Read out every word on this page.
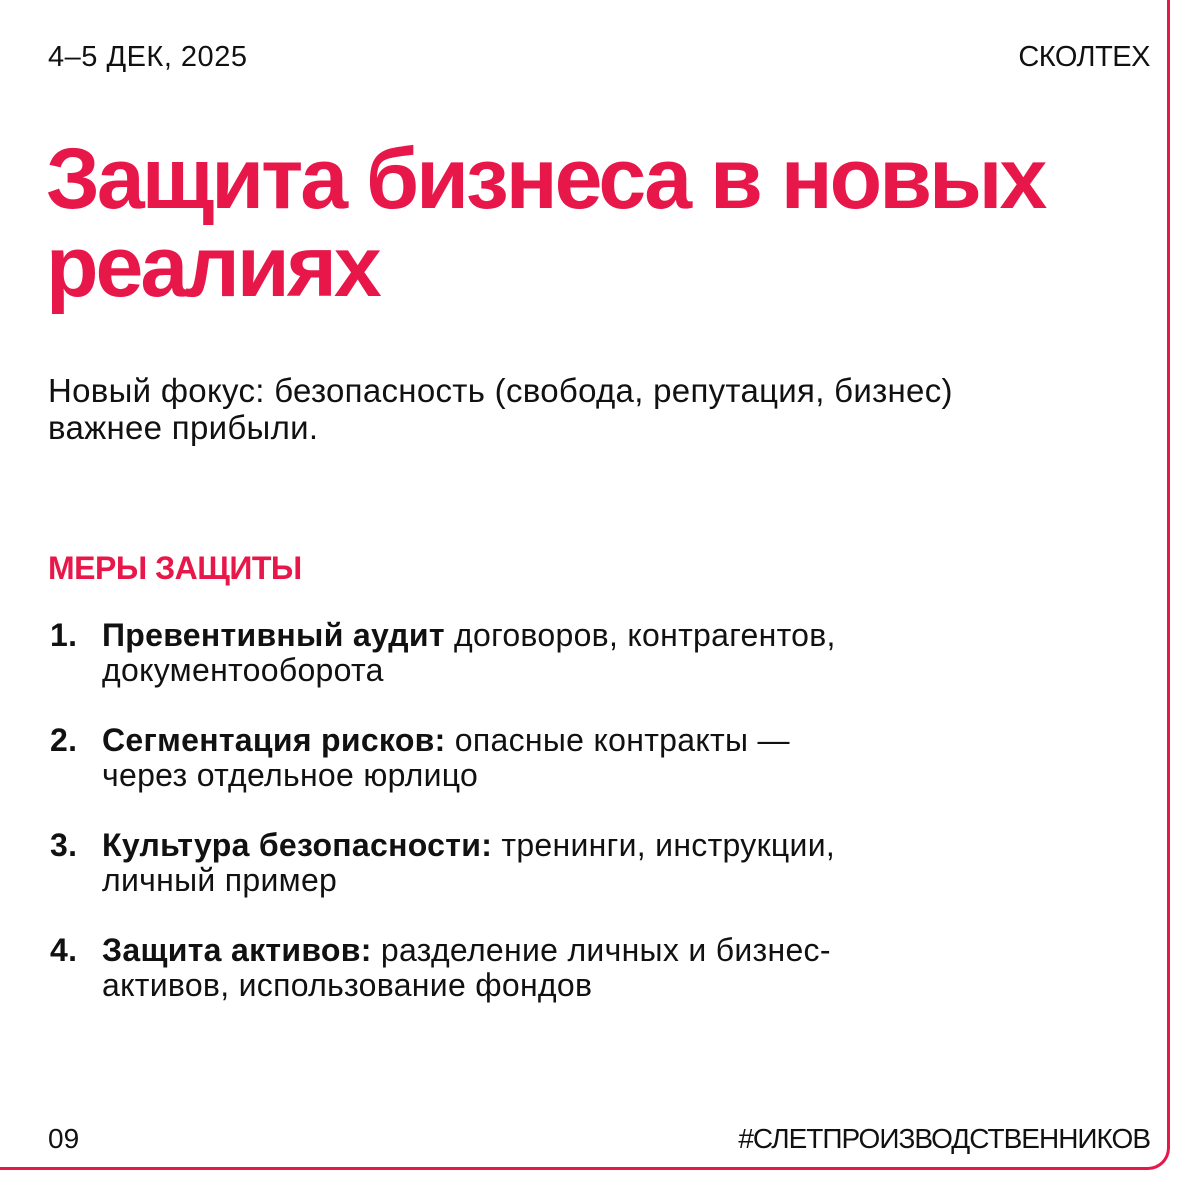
4–5 ДЕК, 2025	СКОЛТЕХ
Защита бизнеса в новых
реалиях

Новый фокус: безопасность (свобода, репутация, бизнес)
важнее прибыли.

МЕРЫ ЗАЩИТЫ
1. Превентивный аудит договоров, контрагентов,
документооборота
2. Сегментация рисков: опасные контракты —
через отдельное юрлицо
3. Культура безопасности: тренинги, инструкции,
личный пример
4. Защита активов: разделение личных и бизнес-
активов, использование фондов
09	#СЛЕТПРОИЗВОДСТВЕННИКОВ
